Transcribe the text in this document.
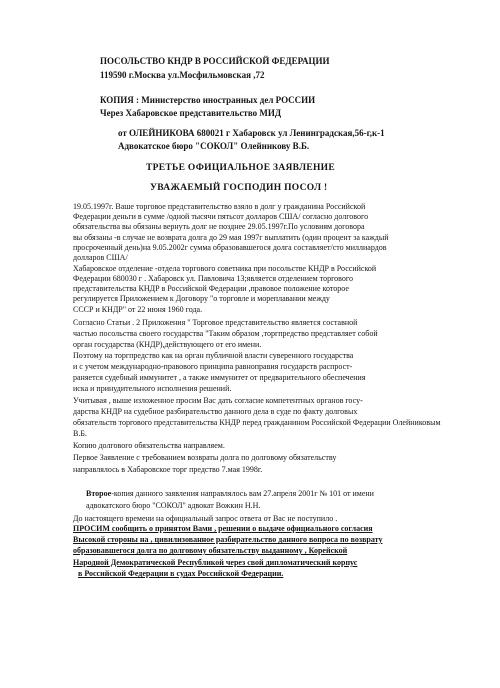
ПОСОЛЬСТВО КНДР В РОССИЙСКОЙ ФЕДЕРАЦИИ
119590 г.Москва ул.Мосфильмовская ,72
КОПИЯ : Министерство иностранных дел РОССИИ
Через Хабаровское представительство МИД
от ОЛЕЙНИКОВА 680021 г Хабаровск ул Ленинградская,56-г,к-1
Адвокатское бюро "СОКОЛ" Олейникову В.Б.
ТРЕТЬЕ ОФИЦИАЛЬНОЕ ЗАЯВЛЕНИЕ
УВАЖАЕМЫЙ ГОСПОДИН ПОСОЛ !
19.05.1997г. Ваше торговое представительство взяло в долг у гражданина Российской
Федерации деньги в сумме /одной тысячи пятьсот долларов США/ согласно долгового
обязательства вы обязаны вернуть долг не позднее 29.05.1997г.По условиям договора
вы обязаны -в случае не возврата долга до 29 мая 1997г выплатить (один процент за каждый
просроченный день)на 9.05.2002г сумма образовавшегося долга составляет/сто миллиардов
долларов США/
Хабаровское отделение -отдела торгового советника при посольстве КНДР в Российской
Федерации 680030 г . Хабаровск ул. Павловича 13;является отделением торгового
представительства КНДР в Российской Федерации ,правовое положение которое
регулируется Приложением к Договору "о торговле и мореплавании между
СССР и КНДР" от 22 июня 1960 года.
Согласно Статьи . 2 Приложения " Торговое представительство является составной
частью посольства своего государства "Таким образом ,торгпредство представляет собой
орган государства (КНДР),действующего от его имени.
Поэтому на торгпредство как на орган публичной власти суверенного государства
и с учетом международно-правового принципа равноправия государств распрост-
раняется судебный иммунитет , а также иммунитет от предварительного обеспечения
иска и принудительного исполнения решений.
Учитывая , выше изложенное просим Вас дать согласие компетентных органов госу-
дарства КНДР на судебное разбирательство данного дела в суде по факту долговых
обязательств торгового представительства КНДР перед гражданином Российской Федерации Олейниковым
В.Б.
Копию долгового обязательства направляем.
Первое Заявление с требованием возвраты долга по долговому обязательству
направлялось в Хабаровское торг предство 7.мая 1998г.
Второе-копия данного заявления направлялось вам 27.апреля 2001г № 101 от имени
адвокатского бюро "СОКОЛ" адвокат Вожкин Н.Н.
До настоящего времени на официальный запрос ответа от Вас не поступило .
ПРОСИМ сообщить о принятом Вами , решении о выдаче официального согласия
Высокой стороны на , цивилизованное разбирательство данного вопроса по возврату
образовавшегося долга по долговому обязательству выданному , Корейской
Народной Демократической Республикой через свой дипломатический корпус
в Российской Федерации в судах Российской Федерации.
